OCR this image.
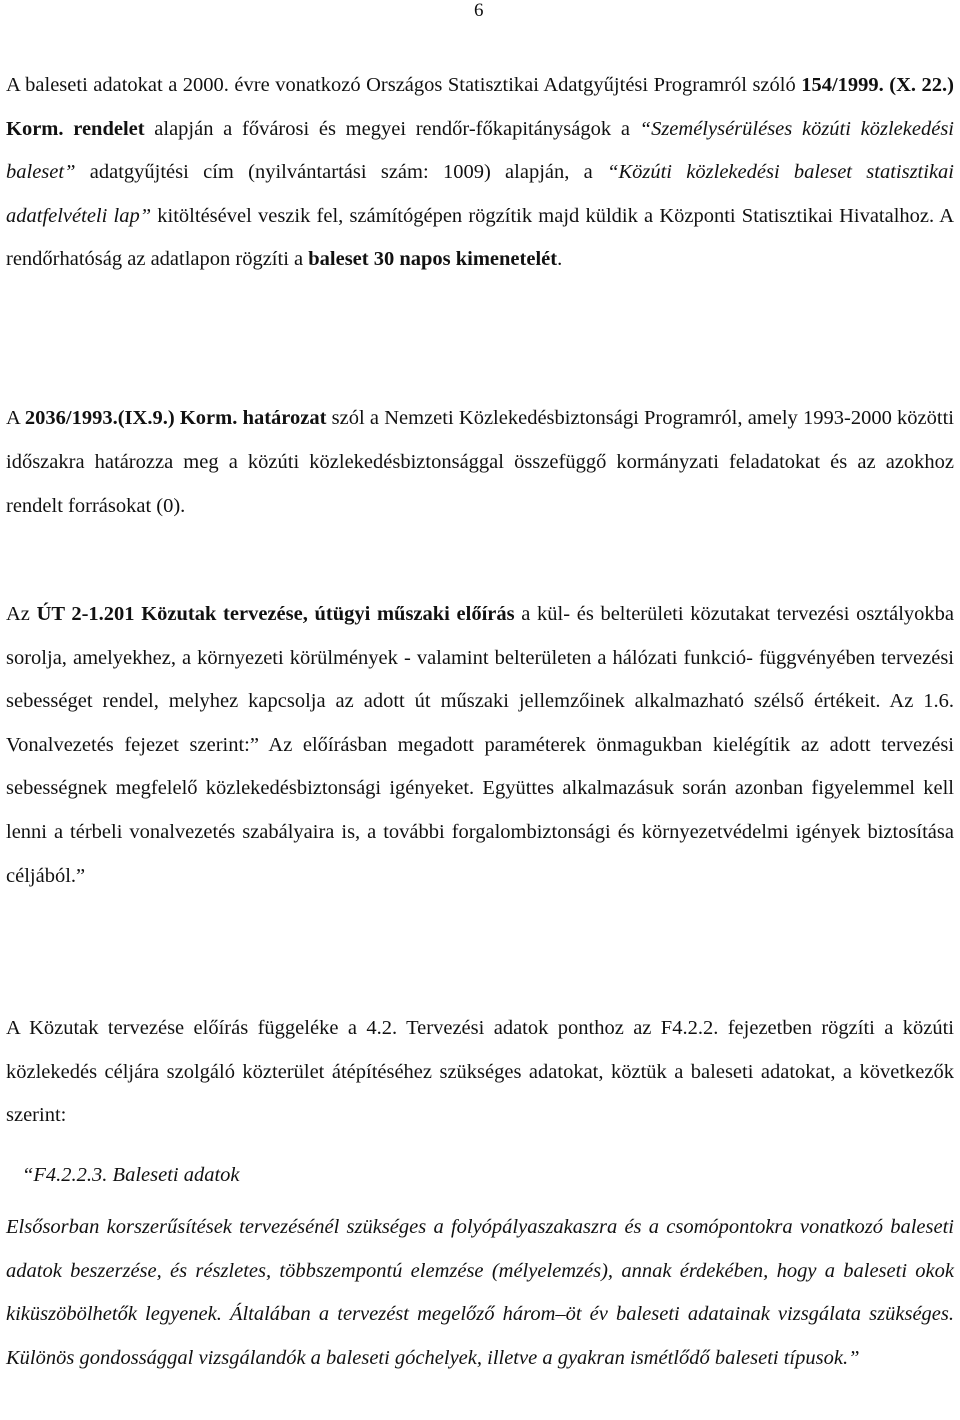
6

A baleseti adatokat a 2000. évre vonatkozó Országos Statisztikai Adatgyűjtési Programról szóló 154/1999. (X. 22.) Korm. rendelet alapján a fővárosi és megyei rendőr-főkapitányságok a “Személysérüléses közúti közlekedési baleset” adatgyűjtési cím (nyilvántartási szám: 1009) alapján, a “Közúti közlekedési baleset statisztikai adatfelvételi lap” kitöltésével veszik fel, számítógépen rögzítik majd küldik a Központi Statisztikai Hivatalhoz. A rendőrhatóság az adatlapon rögzíti a baleset 30 napos kimenetelét.

A 2036/1993.(IX.9.) Korm. határozat szól a Nemzeti Közlekedésbiztonsági Programról, amely 1993-2000 közötti időszakra határozza meg a közúti közlekedésbiztonsággal összefüggő kormányzati feladatokat és az azokhoz rendelt forrásokat (0).

Az ÚT 2-1.201 Közutak tervezése, útügyi műszaki előírás a kül- és belterületi közutakat tervezési osztályokba sorolja, amelyekhez, a környezeti körülmények - valamint belterületen a hálózati funkció- függvényében tervezési sebességet rendel, melyhez kapcsolja az adott út műszaki jellemzőinek alkalmazható szélső értékeit. Az 1.6. Vonalvezetés fejezet szerint:” Az előírásban megadott paraméterek önmagukban kielégítik az adott tervezési sebességnek megfelelő közlekedésbiztonsági igényeket. Együttes alkalmazásuk során azonban figyelemmel kell lenni a térbeli vonalvezetés szabályaira is, a további forgalombiztonsági és környezetvédelmi igények biztosítása céljából.”

A Közutak tervezése előírás függeléke a 4.2. Tervezési adatok ponthoz az F4.2.2. fejezetben rögzíti a közúti közlekedés céljára szolgáló közterület átépítéséhez szükséges adatokat, köztük a baleseti adatokat, a következők szerint:

“F4.2.2.3. Baleseti adatok

Elsősorban korszerűsítések tervezésénél szükséges a folyópályaszakaszra és a csomópontokra vonatkozó baleseti adatok beszerzése, és részletes, többszempontú elemzése (mélyelemzés), annak érdekében, hogy a baleseti okok kiküszöbölhetők legyenek. Általában a tervezést megelőző három–öt év baleseti adatainak vizsgálata szükséges. Különös gondossággal vizsgálandók a baleseti góchelyek, illetve a gyakran ismétlődő baleseti típusok.”
